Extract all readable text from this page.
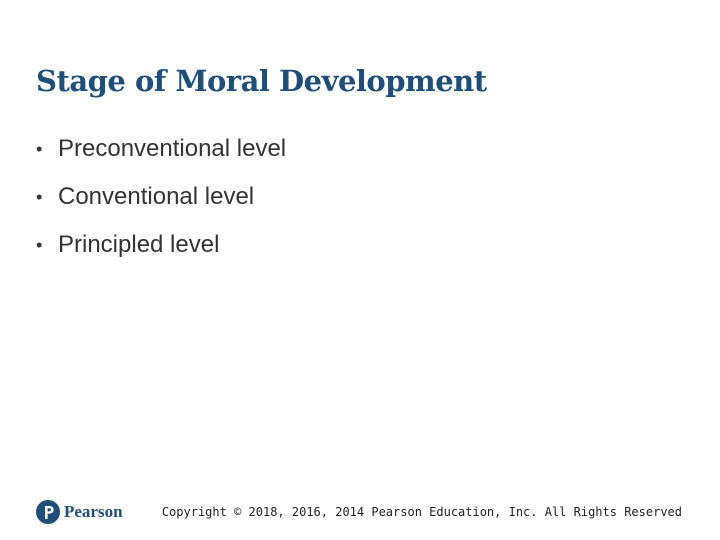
Stage of Moral Development
• Preconventional level
• Conventional level
• Principled level
Pearson	Copyright © 2018, 2016, 2014 Pearson Education, Inc. All Rights Reserved
